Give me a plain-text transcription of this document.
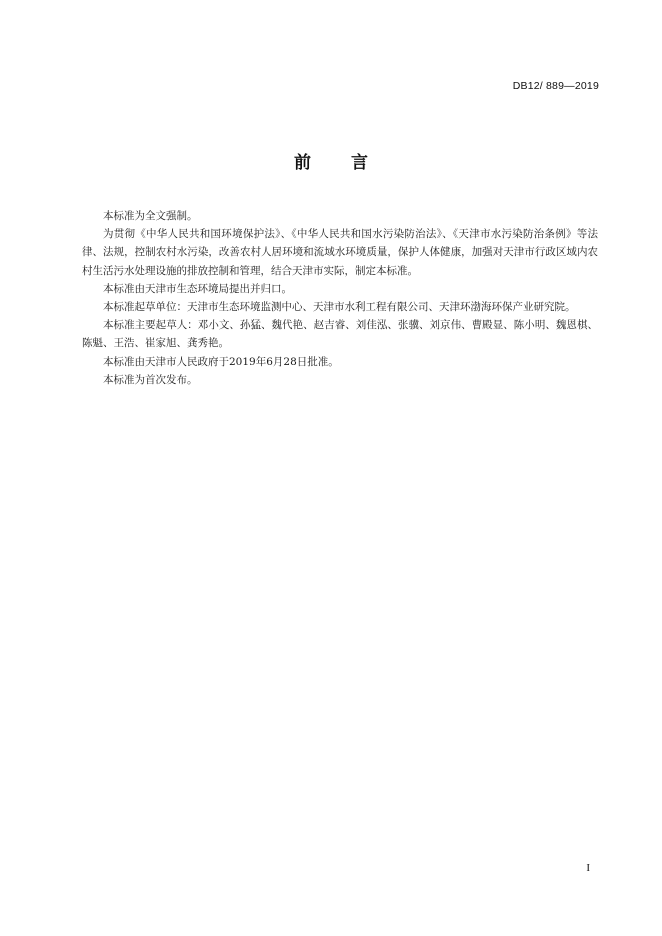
DB12/ 889—2019
前 言

本标准为全文强制。

为贯彻《中华人民共和国环境保护法》、《中华人民共和国水污染防治法》、《天津市水污染防治条例》等法律、法规，控制农村水污染，改善农村人居环境和流域水环境质量，保护人体健康，加强对天津市行政区域内农村生活污水处理设施的排放控制和管理，结合天津市实际，制定本标准。

本标准由天津市生态环境局提出并归口。

本标准起草单位：天津市生态环境监测中心、天津市水利工程有限公司、天津环渤海环保产业研究院。

本标准主要起草人：邓小文、孙猛、魏代艳、赵吉睿、刘佳泓、张骥、刘京伟、曹殿显、陈小明、魏恩棋、陈魁、王浩、崔家旭、龚秀艳。

本标准由天津市人民政府于2019年6月28日批准。

本标准为首次发布。

I
